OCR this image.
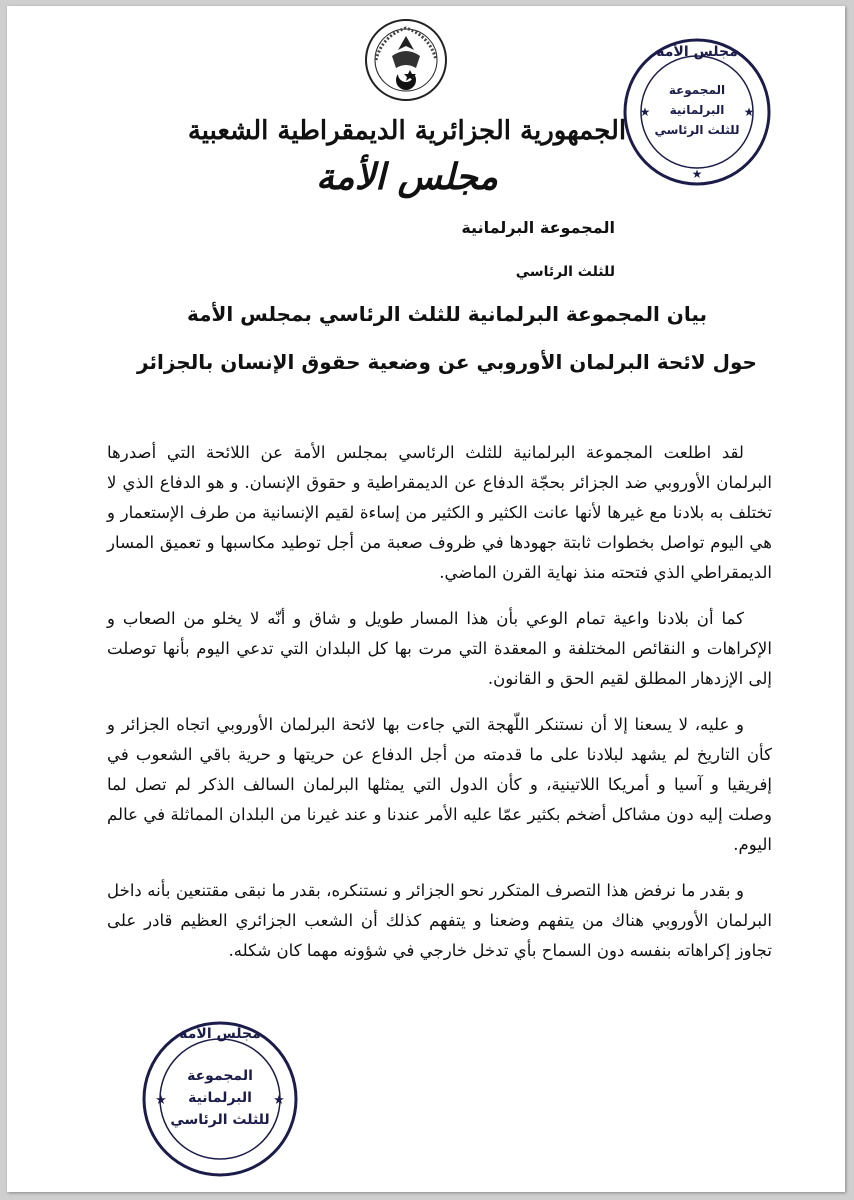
الجمهورية الجزائرية الديمقراطية الشعبية
مجلس الأمة
مجلس الأمة
المجموعة
البرلمانية
للثلث الرئاسي
★	★
★
المجموعة البرلمانية
للثلث الرئاسي
بيان المجموعة البرلمانية للثلث الرئاسي بمجلس الأمة
حول لائحة البرلمان الأوروبي عن وضعية حقوق الإنسان بالجزائر

لقد اطلعت المجموعة البرلمانية للثلث الرئاسي بمجلس الأمة عن اللائحة التي أصدرها البرلمان الأوروبي ضد الجزائر بحجّة الدفاع عن الديمقراطية و حقوق الإنسان. و هو الدفاع الذي لا تختلف به بلادنا مع غيرها لأنها عانت الكثير و الكثير من إساءة لقيم الإنسانية من طرف الإستعمار و هي اليوم تواصل بخطوات ثابتة جهودها في ظروف صعبة من أجل توطيد مكاسبها و تعميق المسار الديمقراطي الذي فتحته منذ نهاية القرن الماضي.

كما أن بلادنا واعية تمام الوعي بأن هذا المسار طويل و شاق و أنّه لا يخلو من الصعاب و الإكراهات و النقائص المختلفة و المعقدة التي مرت بها كل البلدان التي تدعي اليوم بأنها توصلت إلى الإزدهار المطلق لقيم الحق و القانون.

و عليه، لا يسعنا إلا أن نستنكر اللّهجة التي جاءت بها لائحة البرلمان الأوروبي اتجاه الجزائر و كأن التاريخ لم يشهد لبلادنا على ما قدمته من أجل الدفاع عن حريتها و حرية باقي الشعوب في إفريقيا و آسيا و أمريكا اللاتينية، و كأن الدول التي يمثلها البرلمان السالف الذكر لم تصل لما وصلت إليه دون مشاكل أضخم بكثير عمّا عليه الأمر عندنا و عند غيرنا من البلدان المماثلة في عالم اليوم.

و بقدر ما نرفض هذا التصرف المتكرر نحو الجزائر و نستنكره، بقدر ما نبقى مقتنعين بأنه داخل البرلمان الأوروبي هناك من يتفهم وضعنا و يتفهم كذلك أن الشعب الجزائري العظيم قادر على تجاوز إكراهاته بنفسه دون السماح بأي تدخل خارجي في شؤونه مهما كان شكله.

مجلس الأمة
المجموعة
البرلمانية
للثلث الرئاسي
★	★
